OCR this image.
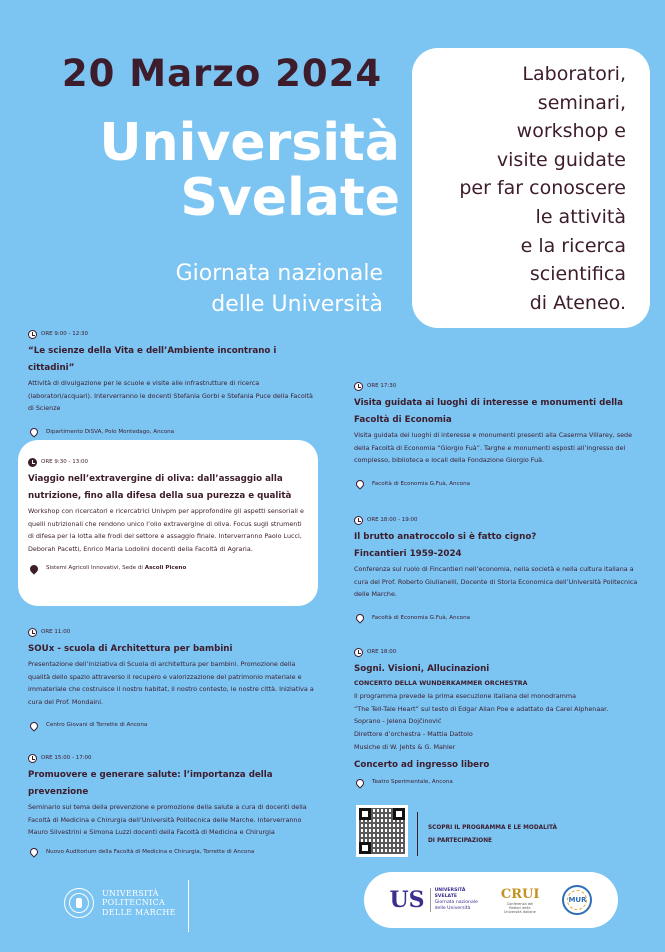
20 Marzo 2024
Università
Svelate
Giornata nazionale
delle Università
Laboratori,
seminari,
workshop e
visite guidate
per far conoscere
le attività
e la ricerca
scientifica
di Ateneo.
ORE 9:00 - 12:30
“Le scienze della Vita e dell’Ambiente incontrano i cittadini”
Attività di divulgazione per le scuole e visite alle infrastrutture di ricerca (laboratori/acquari). Interverranno le docenti Stefania Gorbi e Stefania Puce della Facoltà di Scienze
Dipartimento DiSVA, Polo Montedago, Ancona
ORE 9:30 - 13:00
Viaggio nell’extravergine di oliva: dall’assaggio alla nutrizione, fino alla difesa della sua purezza e qualità
Workshop con ricercatori e ricercatrici Univpm per approfondire gli aspetti sensoriali e quelli nutrizionali che rendono unico l’olio extravergine di oliva. Focus sugli strumenti di difesa per la lotta alle frodi del settore e assaggio finale. Interverranno Paolo Lucci, Deborah Pacetti, Enrico Maria Lodolini docenti della Facoltà di Agraria.
Sistemi Agricoli Innovativi, Sede di Ascoli Piceno
ORE 11:00
SOUx - scuola di Architettura per bambini
Presentazione dell’iniziativa di Scuola di architettura per bambini. Promozione della qualità dello spazio attraverso il recupero e valorizzazione del patrimonio materiale e immateriale che costruisce il nostro habitat, il nostro contesto, le nostre città. Iniziativa a cura del Prof. Mondaini.
Centro Giovani di Torrette di Ancona
ORE 15:00 - 17:00
Promuovere e generare salute: l’importanza della prevenzione
Seminario sul tema della prevenzione e promozione della salute a cura di docenti della Facoltà di Medicina e Chirurgia dell’Università Politecnica delle Marche. Interverranno Mauro Silvestrini e Simona Luzzi docenti della Facoltà di Medicina e Chirurgia
Nuovo Auditorium della Facoltà di Medicina e Chirurgia, Torrette di Ancona
ORE 17:30
Visita guidata ai luoghi di interesse e monumenti della Facoltà di Economia
Visita guidata dei luoghi di interesse e monumenti presenti alla Caserma Villarey, sede della Facoltà di Economia “Giorgio Fuà”. Targhe e monumenti esposti all’ingresso del complesso, biblioteca e locali della Fondazione Giorgio Fuà.
Facoltà di Economia G.Fuà, Ancona
ORE 18:00 - 19:00
Il brutto anatroccolo si è fatto cigno?
Fincantieri 1959-2024
Conferenza sul ruolo di Fincantieri nell’economia, nella società e nella cultura italiana a cura del Prof. Roberto Giulianelli, Docente di Storia Economica dell’Università Politecnica delle Marche.
Facoltà di Economia G.Fuà, Ancona
ORE 18:00
Sogni. Visioni, Allucinazioni
CONCERTO DELLA WUNDERKAMMER ORCHESTRA
Il programma prevede la prima esecuzione italiana del monodramma
“The Tell-Tale Heart” sul testo di Edgar Allan Poe e adattato da Carel Alphenaar.
Soprano - Jelena Dojčinović
Direttore d’orchestra - Mattia Dattolo
Musiche di W. Jehts & G. Mahler
Concerto ad ingresso libero
Teatro Sperimentale, Ancona
SCOPRI IL PROGRAMMA E LE MODALITÀ DI PARTECIPAZIONE
UNIVERSITÀ
POLITECNICA
DELLE MARCHE	US UNIVERSITÀ
SVELATE
Giornata nazionale
delle Università
CRUI
Conferenza dei Rettori delle Università Italiane
MUR
